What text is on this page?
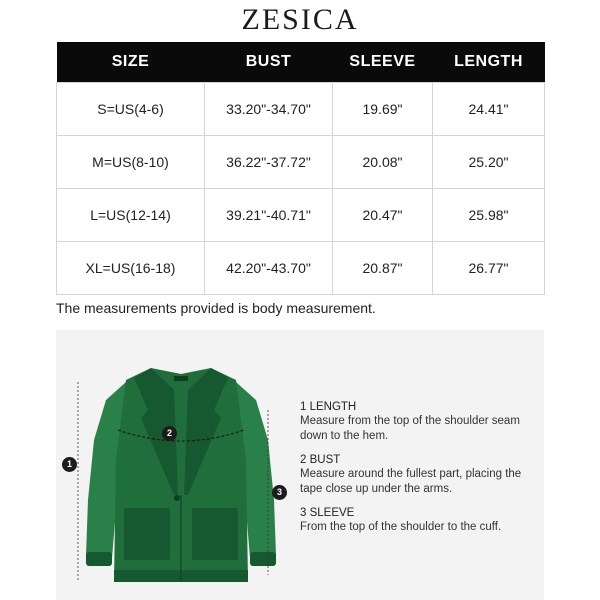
ZESICA
SIZE	BUST	SLEEVE	LENGTH
S=US(4-6)	33.20"-34.70"	19.69"	24.41"
M=US(8-10)	36.22"-37.72"	20.08"	25.20"
L=US(12-14)	39.21"-40.71"	20.47"	25.98"
XL=US(16-18)	42.20"-43.70"	20.87"	26.77"
The measurements provided is body measurement.
1
2
3
1 LENGTH
Measure from the top of the shoulder seam down to the hem.
2 BUST
Measure around the fullest part, placing the tape close up under the arms.
3 SLEEVE
From the top of the shoulder to the cuff.
